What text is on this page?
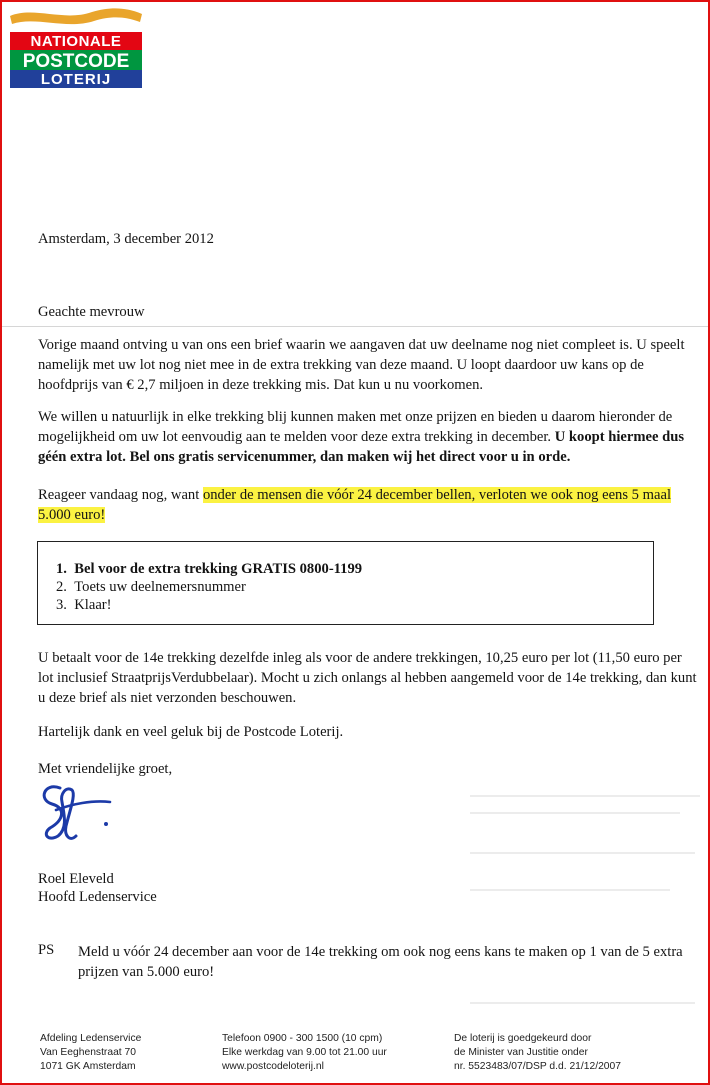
NATIONALE
POSTCODE
LOTERIJ
Amsterdam, 3 december 2012
Geachte mevrouw
Vorige maand ontving u van ons een brief waarin we aangaven dat uw deelname nog niet compleet is. U speelt namelijk met uw lot nog niet mee in de extra trekking van deze maand. U loopt daardoor uw kans op de hoofdprijs van € 2,7 miljoen in deze trekking mis. Dat kun u nu voorkomen.
We willen u natuurlijk in elke trekking blij kunnen maken met onze prijzen en bieden u daarom hieronder de mogelijkheid om uw lot eenvoudig aan te melden voor deze extra trekking in december. U koopt hiermee dus géén extra lot. Bel ons gratis servicenummer, dan maken wij het direct voor u in orde.
Reageer vandaag nog, want onder de mensen die vóór 24 december bellen, verloten we ook nog eens 5 maal 5.000 euro!
1. Bel voor de extra trekking GRATIS 0800-1199
2. Toets uw deelnemersnummer
3. Klaar!
U betaalt voor de 14e trekking dezelfde inleg als voor de andere trekkingen, 10,25 euro per lot (11,50 euro per lot inclusief StraatprijsVerdubbelaar). Mocht u zich onlangs al hebben aangemeld voor de 14e trekking, dan kunt u deze brief als niet verzonden beschouwen.
Hartelijk dank en veel geluk bij de Postcode Loterij.
Met vriendelijke groet,
Roel Eleveld
Hoofd Ledenservice
PS Meld u vóór 24 december aan voor de 14e trekking om ook nog eens kans te maken op 1 van de 5 extra prijzen van 5.000 euro!
Afdeling Ledenservice
Van Eeghenstraat 70
1071 GK Amsterdam
Telefoon 0900 - 300 1500 (10 cpm)
Elke werkdag van 9.00 tot 21.00 uur
www.postcodeloterij.nl
De loterij is goedgekeurd door
de Minister van Justitie onder
nr. 5523483/07/DSP d.d. 21/12/2007
